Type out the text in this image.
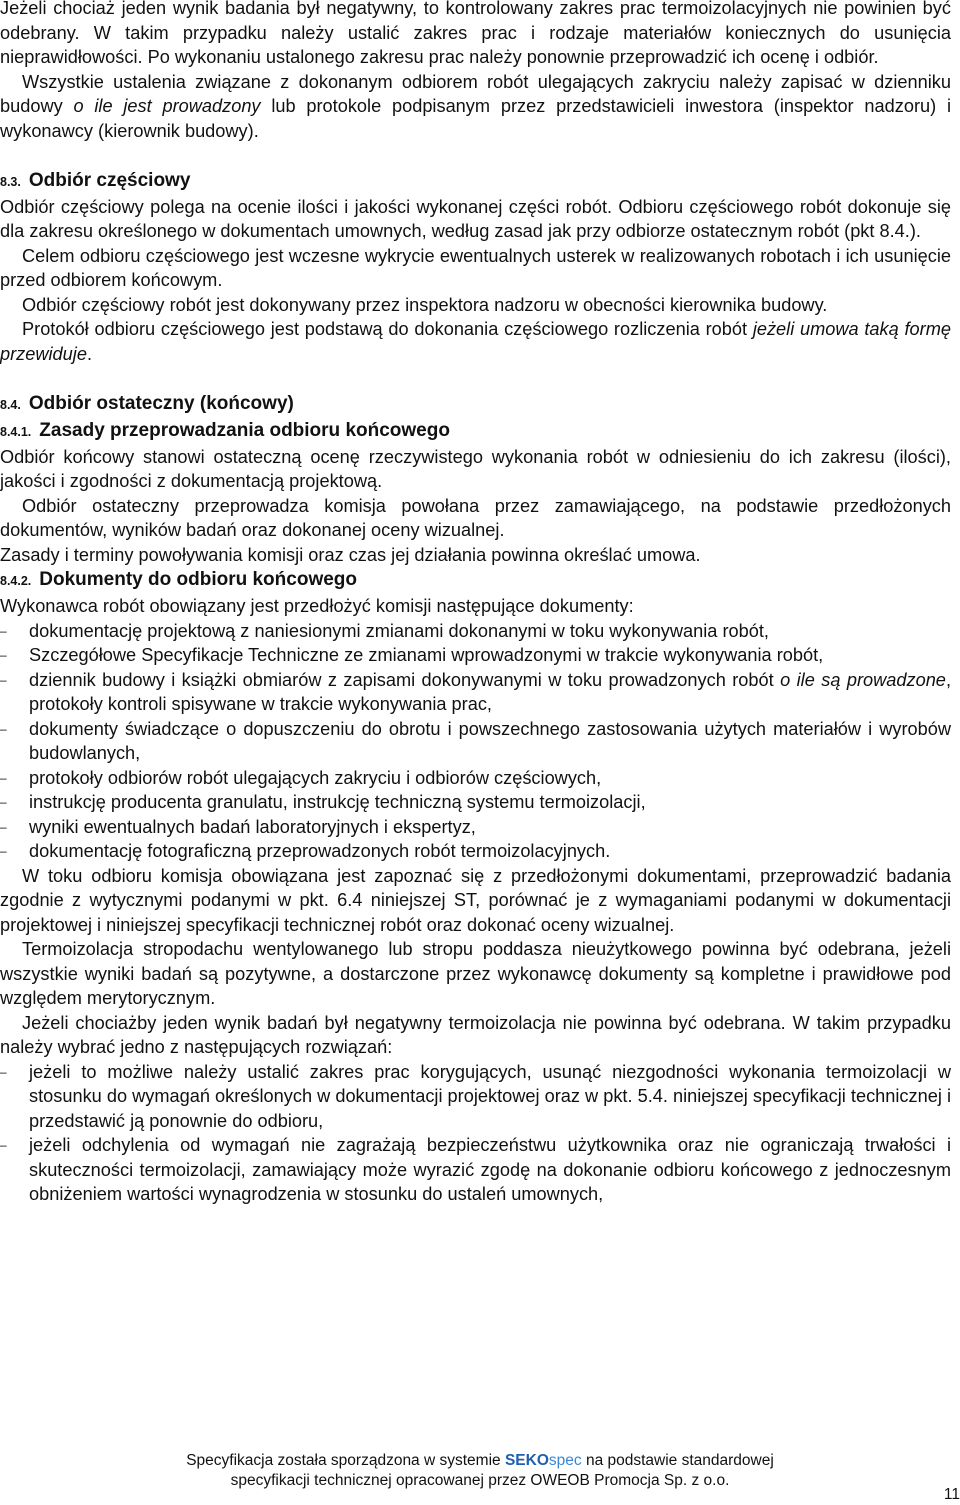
Jeżeli chociaż jeden wynik badania był negatywny, to kontrolowany zakres prac termoizolacyjnych nie powinien być odebrany. W takim przypadku należy ustalić zakres prac i rodzaje materiałów koniecznych do usunięcia nieprawidłowości. Po wykonaniu ustalonego zakresu prac należy ponownie przeprowadzić ich ocenę i odbiór.

Wszystkie ustalenia związane z dokonanym odbiorem robót ulegających zakryciu należy zapisać w dzienniku budowy o ile jest prowadzony lub protokole podpisanym przez przedstawicieli inwestora (inspektor nadzoru) i wykonawcy (kierownik budowy).

8.3. Odbiór częściowy

Odbiór częściowy polega na ocenie ilości i jakości wykonanej części robót. Odbioru częściowego robót dokonuje się dla zakresu określonego w dokumentach umownych, według zasad jak przy odbiorze ostatecznym robót (pkt 8.4.).

Celem odbioru częściowego jest wczesne wykrycie ewentualnych usterek w realizowanych robotach i ich usunięcie przed odbiorem końcowym.

Odbiór częściowy robót jest dokonywany przez inspektora nadzoru w obecności kierownika budowy.

Protokół odbioru częściowego jest podstawą do dokonania częściowego rozliczenia robót jeżeli umowa taką formę przewiduje.

8.4. Odbiór ostateczny (końcowy)
8.4.1. Zasady przeprowadzania odbioru końcowego

Odbiór końcowy stanowi ostateczną ocenę rzeczywistego wykonania robót w odniesieniu do ich zakresu (ilości), jakości i zgodności z dokumentacją projektową.

Odbiór ostateczny przeprowadza komisja powołana przez zamawiającego, na podstawie przedłożonych dokumentów, wyników badań oraz dokonanej oceny wizualnej.

Zasady i terminy powoływania komisji oraz czas jej działania powinna określać umowa.

8.4.2. Dokumenty do odbioru końcowego

Wykonawca robót obowiązany jest przedłożyć komisji następujące dokumenty:

– dokumentację projektową z naniesionymi zmianami dokonanymi w toku wykonywania robót,
– Szczegółowe Specyfikacje Techniczne ze zmianami wprowadzonymi w trakcie wykonywania robót,
– dziennik budowy i książki obmiarów z zapisami dokonywanymi w toku prowadzonych robót o ile są prowadzone, protokoły kontroli spisywane w trakcie wykonywania prac,
– dokumenty świadczące o dopuszczeniu do obrotu i powszechnego zastosowania użytych materiałów i wyrobów budowlanych,
– protokoły odbiorów robót ulegających zakryciu i odbiorów częściowych,
– instrukcję producenta granulatu, instrukcję techniczną systemu termoizolacji,
– wyniki ewentualnych badań laboratoryjnych i ekspertyz,
– dokumentację fotograficzną przeprowadzonych robót termoizolacyjnych.

W toku odbioru komisja obowiązana jest zapoznać się z przedłożonymi dokumentami, przeprowadzić badania zgodnie z wytycznymi podanymi w pkt. 6.4 niniejszej ST, porównać je z wymaganiami podanymi w dokumentacji projektowej i niniejszej specyfikacji technicznej robót oraz dokonać oceny wizualnej.

Termoizolacja stropodachu wentylowanego lub stropu poddasza nieużytkowego powinna być odebrana, jeżeli wszystkie wyniki badań są pozytywne, a dostarczone przez wykonawcę dokumenty są kompletne i prawidłowe pod względem merytorycznym.

Jeżeli chociażby jeden wynik badań był negatywny termoizolacja nie powinna być odebrana. W takim przypadku należy wybrać jedno z następujących rozwiązań:

– jeżeli to możliwe należy ustalić zakres prac korygujących, usunąć niezgodności wykonania termoizolacji w stosunku do wymagań określonych w dokumentacji projektowej oraz w pkt. 5.4. niniejszej specyfikacji technicznej i przedstawić ją ponownie do odbioru,
– jeżeli odchylenia od wymagań nie zagrażają bezpieczeństwu użytkownika oraz nie ograniczają trwałości i skuteczności termoizolacji, zamawiający może wyrazić zgodę na dokonanie odbioru końcowego z jednoczesnym obniżeniem wartości wynagrodzenia w stosunku do ustaleń umownych,
Specyfikacja została sporządzona w systemie SEKOspec na podstawie standardowej
specyfikacji technicznej opracowanej przez OWEOB Promocja Sp. z o.o.
11
